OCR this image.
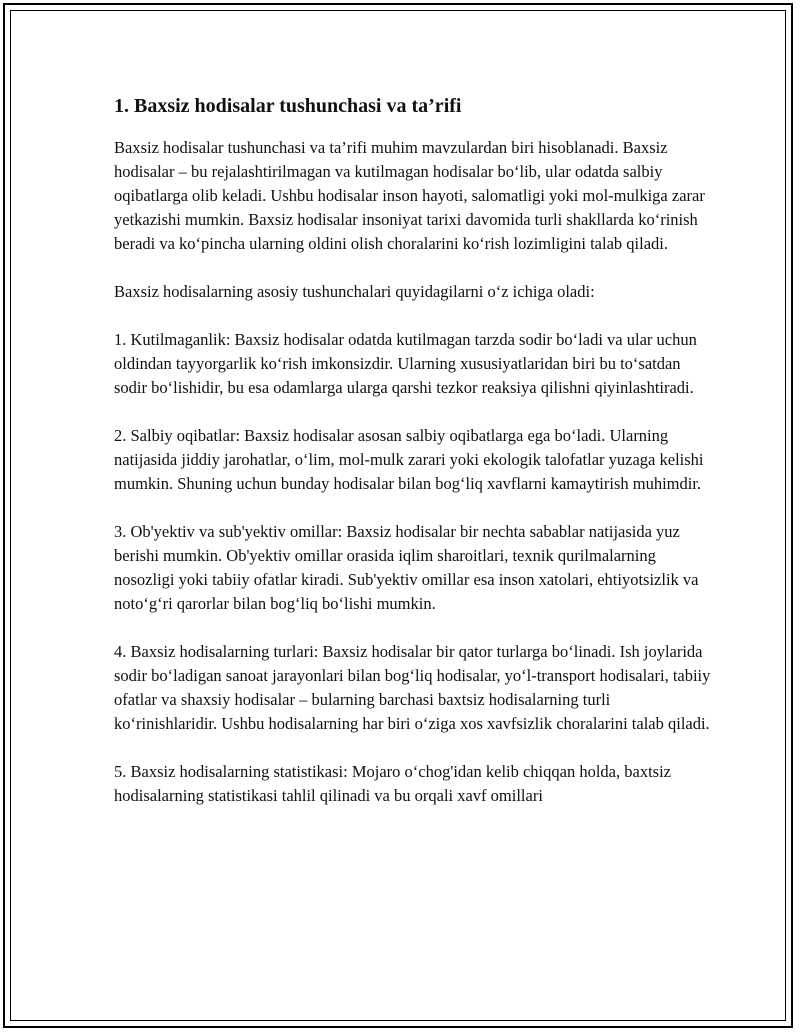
1. Baxsiz hodisalar tushunchasi va ta’rifi

Baxsiz hodisalar tushunchasi va ta’rifi muhim mavzulardan biri hisoblanadi. Baxsiz hodisalar – bu rejalashtirilmagan va kutilmagan hodisalar bo‘lib, ular odatda salbiy oqibatlarga olib keladi. Ushbu hodisalar inson hayoti, salomatligi yoki mol-mulkiga zarar yetkazishi mumkin. Baxsiz hodisalar insoniyat tarixi davomida turli shakllarda ko‘rinish beradi va ko‘pincha ularning oldini olish choralarini ko‘rish lozimligini talab qiladi.

Baxsiz hodisalarning asosiy tushunchalari quyidagilarni o‘z ichiga oladi:

1. Kutilmaganlik: Baxsiz hodisalar odatda kutilmagan tarzda sodir bo‘ladi va ular uchun oldindan tayyorgarlik ko‘rish imkonsizdir. Ularning xususiyatlaridan biri bu to‘satdan sodir bo‘lishidir, bu esa odamlarga ularga qarshi tezkor reaksiya qilishni qiyinlashtiradi.

2. Salbiy oqibatlar: Baxsiz hodisalar asosan salbiy oqibatlarga ega bo‘ladi. Ularning natijasida jiddiy jarohatlar, o‘lim, mol-mulk zarari yoki ekologik talofatlar yuzaga kelishi mumkin. Shuning uchun bunday hodisalar bilan bog‘liq xavflarni kamaytirish muhimdir.

3. Ob'yektiv va sub'yektiv omillar: Baxsiz hodisalar bir nechta sabablar natijasida yuz berishi mumkin. Ob'yektiv omillar orasida iqlim sharoitlari, texnik qurilmalarning nosozligi yoki tabiiy ofatlar kiradi. Sub'yektiv omillar esa inson xatolari, ehtiyotsizlik va noto‘g‘ri qarorlar bilan bog‘liq bo‘lishi mumkin.

4. Baxsiz hodisalarning turlari: Baxsiz hodisalar bir qator turlarga bo‘linadi. Ish joylarida sodir bo‘ladigan sanoat jarayonlari bilan bog‘liq hodisalar, yo‘l-transport hodisalari, tabiiy ofatlar va shaxsiy hodisalar – bularning barchasi baxtsiz hodisalarning turli ko‘rinishlaridir. Ushbu hodisalarning har biri o‘ziga xos xavfsizlik choralarini talab qiladi.

5. Baxsiz hodisalarning statistikasi: Mojaro o‘chog'idan kelib chiqqan holda, baxtsiz hodisalarning statistikasi tahlil qilinadi va bu orqali xavf omillari
